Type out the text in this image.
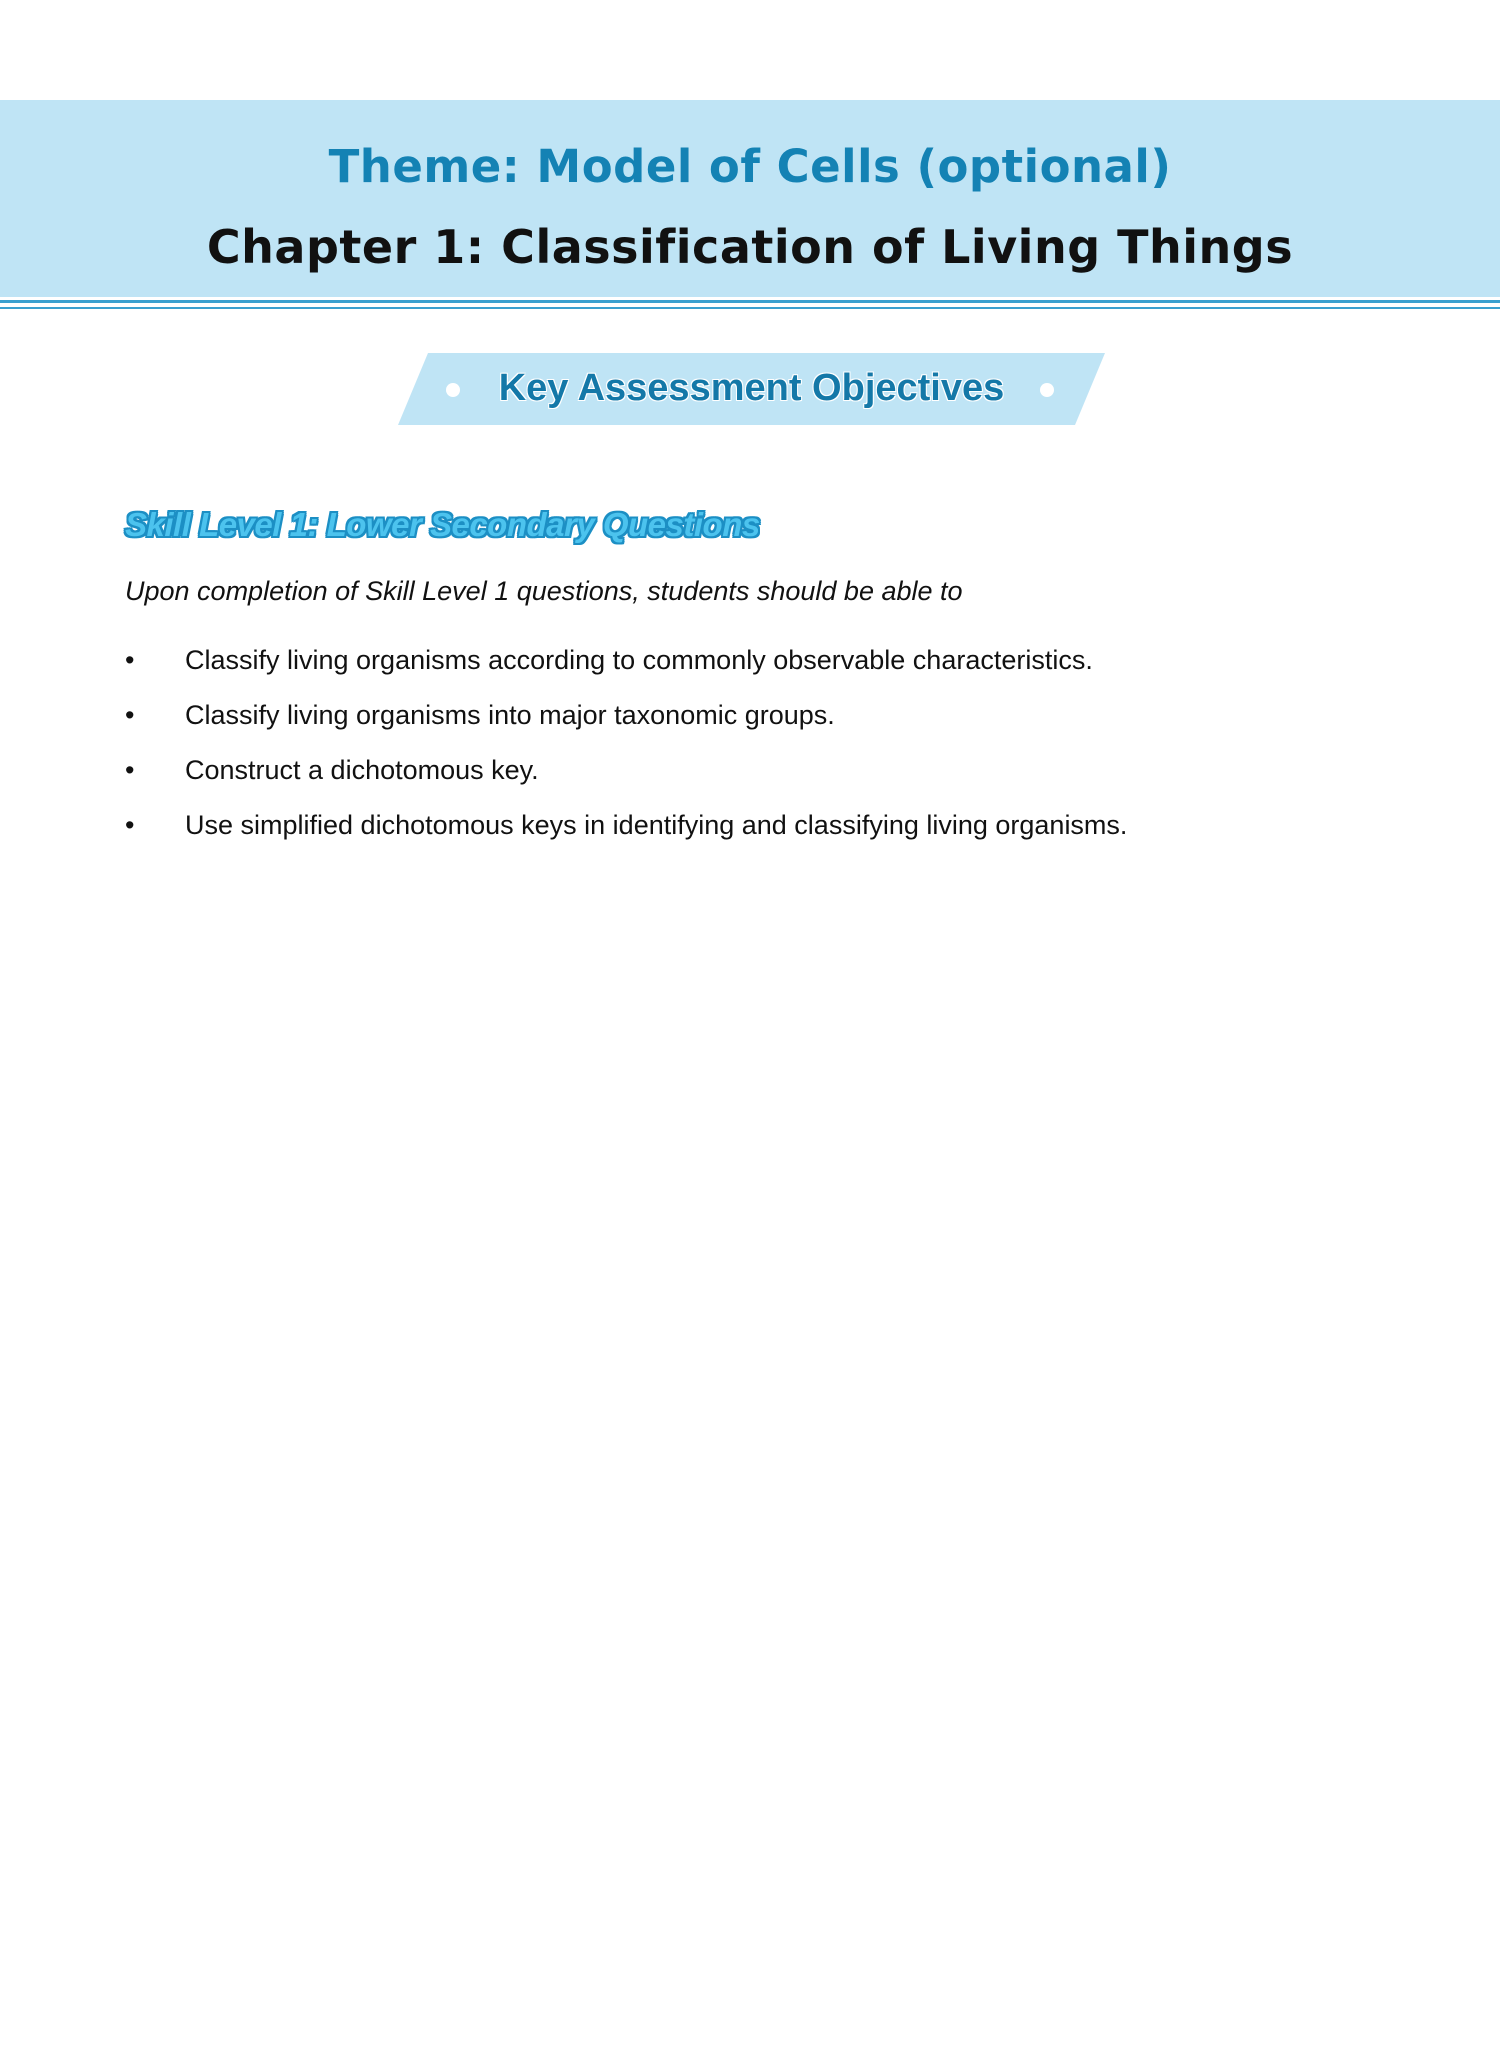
Theme: Model of Cells (optional)
Chapter 1: Classification of Living Things
Key Assessment Objectives
Skill Level 1: Lower Secondary Questions
Upon completion of Skill Level 1 questions, students should be able to
•	Classify living organisms according to commonly observable characteristics.
•	Classify living organisms into major taxonomic groups.
•	Construct a dichotomous key.
•	Use simplified dichotomous keys in identifying and classifying living organisms.
